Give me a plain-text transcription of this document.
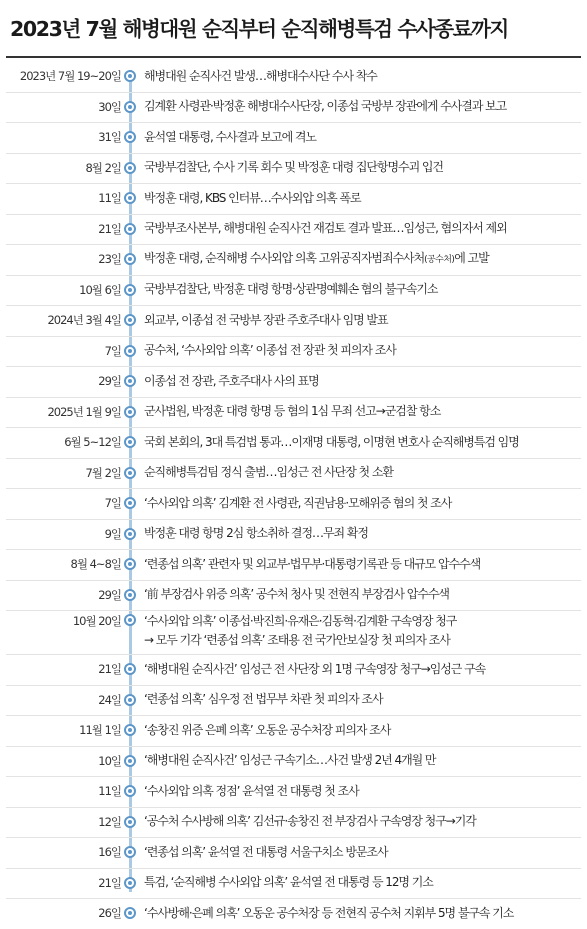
2023년 7월 해병대원 순직부터 순직해병특검 수사종료까지
2023년 7월 19~20일 해병대원 순직사건 발생…해병대수사단 수사 착수
30일 김계환 사령관·박정훈 해병대수사단장, 이종섭 국방부 장관에게 수사결과 보고
31일 윤석열 대통령, 수사결과 보고에 격노
8월 2일 국방부검찰단, 수사 기록 회수 및 박정훈 대령 집단항명수괴 입건
11일 박정훈 대령, KBS 인터뷰…수사외압 의혹 폭로
21일 국방부조사본부, 해병대원 순직사건 재검토 결과 발표…임성근, 혐의자서 제외
23일 박정훈 대령, 순직해병 수사외압 의혹 고위공직자범죄수사처(공수처)에 고발
10월 6일 국방부검찰단, 박정훈 대령 항명·상관명예훼손 혐의 불구속기소
2024년 3월 4일 외교부, 이종섭 전 국방부 장관 주호주대사 임명 발표
7일 공수처, ‘수사외압 의혹’ 이종섭 전 장관 첫 피의자 조사
29일 이종섭 전 장관, 주호주대사 사의 표명
2025년 1월 9일 군사법원, 박정훈 대령 항명 등 혐의 1심 무죄 선고→군검찰 항소
6월 5~12일 국회 본회의, 3대 특검법 통과…이재명 대통령, 이명현 변호사 순직해병특검 임명
7월 2일 순직해병특검팀 정식 출범…임성근 전 사단장 첫 소환
7일 ‘수사외압 의혹’ 김계환 전 사령관, 직권남용·모해위증 혐의 첫 조사
9일 박정훈 대령 항명 2심 항소취하 결정…무죄 확정
8월 4~8일 ‘련종섭 의혹’ 관련자 및 외교부·법무부·대통령기록관 등 대규모 압수수색
29일 ‘前 부장검사 위증 의혹’ 공수처 청사 및 전현직 부장검사 압수수색
10월 20일 ‘수사외압 의혹’ 이종섭·박진희·유재은·김동혁·김계환 구속영장 청구
→ 모두 기각 ‘련종섭 의혹’ 조태용 전 국가안보실장 첫 피의자 조사
21일 ‘해병대원 순직사건’ 임성근 전 사단장 외 1명 구속영장 청구→임성근 구속
24일 ‘련종섭 의혹’ 심우정 전 법무부 차관 첫 피의자 조사
11월 1일 ‘송창진 위증 은폐 의혹’ 오동운 공수처장 피의자 조사
10일 ‘해병대원 순직사건’ 임성근 구속기소…사건 발생 2년 4개월 만
11일 ‘수사외압 의혹 정점’ 윤석열 전 대통령 첫 조사
12일 ‘공수처 수사방해 의혹’ 김선규·송창진 전 부장검사 구속영장 청구→기각
16일 ‘련종섭 의혹’ 윤석열 전 대통령 서울구치소 방문조사
21일 특검, ‘순직해병 수사외압 의혹’ 윤석열 전 대통령 등 12명 기소
26일 ‘수사방해·은폐 의혹’ 오동운 공수처장 등 전현직 공수처 지휘부 5명 불구속 기소
